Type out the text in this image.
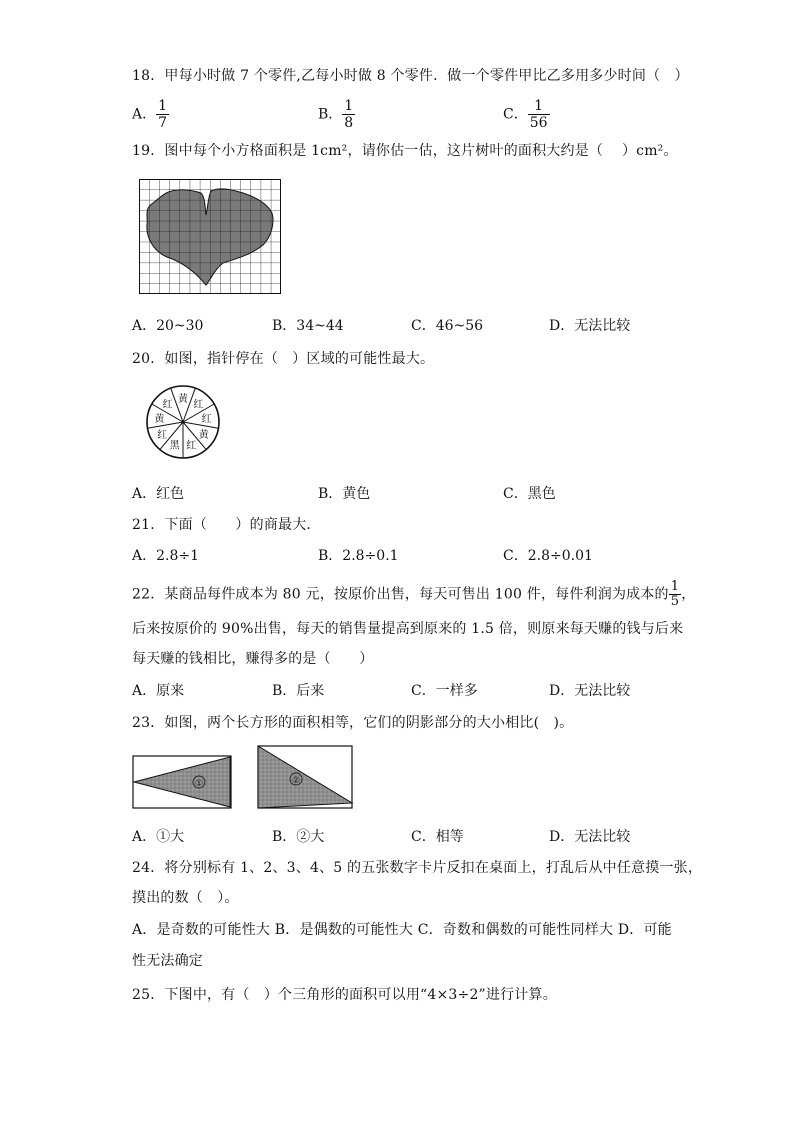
18．甲每小时做 7 个零件,乙每小时做 8 个零件．做一个零件甲比乙多用多少时间（　）
A． $\frac{1}{7}$	B． $\frac{1}{8}$	C． $\frac{1}{56}$
19．图中每个小方格面积是 1cm²，请你估一估，这片树叶的面积大约是（　 ）cm²。
A．20~30	B．34~44	C．46~56	D．无法比较
20．如图，指针停在（　）区域的可能性最大。
黄
红
红
黄
红
黑
红
黄
红
A．红色	B．黄色	C．黑色
21．下面（　　）的商最大．
A．2.8÷1	B．2.8÷0.1	C．2.8÷0.01
22．某商品每件成本为 80 元，按原价出售，每天可售出 100 件，每件利润为成本的 $\frac{1}{5}$ ，
后来按原价的 90%出售，每天的销售量提高到原来的 1.5 倍，则原来每天赚的钱与后来
每天赚的钱相比，赚得多的是（　　）
A．原来	B．后来	C．一样多	D．无法比较
23．如图，两个长方形的面积相等，它们的阴影部分的大小相比(　)。
①	②
A．①大	B．②大	C．相等	D．无法比较
24．将分别标有 1、2、3、4、5 的五张数字卡片反扣在桌面上，打乱后从中任意摸一张，
摸出的数（　）。
A．是奇数的可能性大 B．是偶数的可能性大 C．奇数和偶数的可能性同样大 D．可能
性无法确定
25．下图中，有（　）个三角形的面积可以用“4×3÷2”进行计算。
